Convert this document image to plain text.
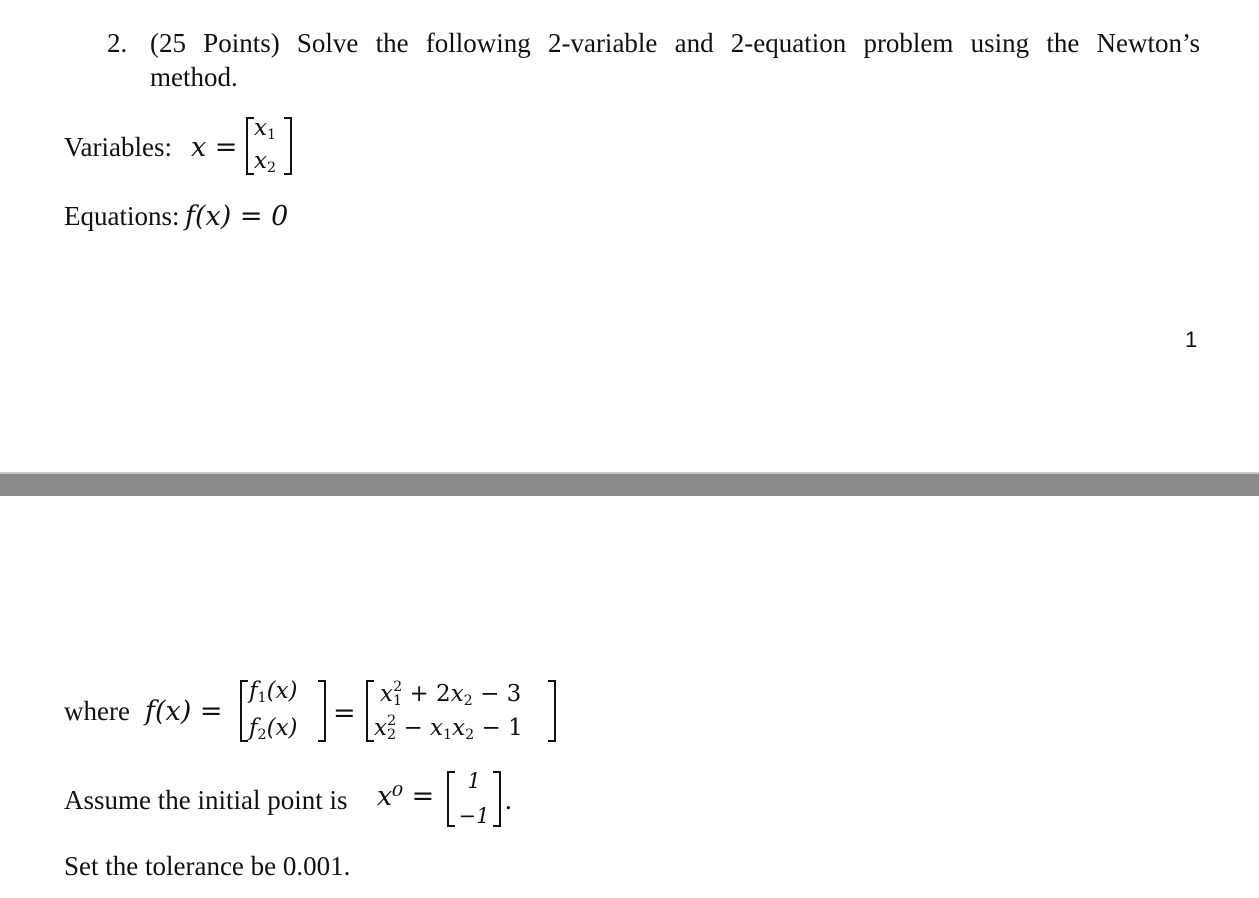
2. (25 Points) Solve the following 2-variable and 2-equation problem using the Newton’s
method.
Variables: x =
$x_1$
$x_2$
Equations: f(x) = 0
1
where f(x) =
$f_1(x)$
$f_2(x)$	=
$x_1^2 + 2x_2 - 3$
$x_2^2 - x_1x_2 - 1$
Assume the initial point is x⁰ =	1
−1
.
Set the tolerance be 0.001.
